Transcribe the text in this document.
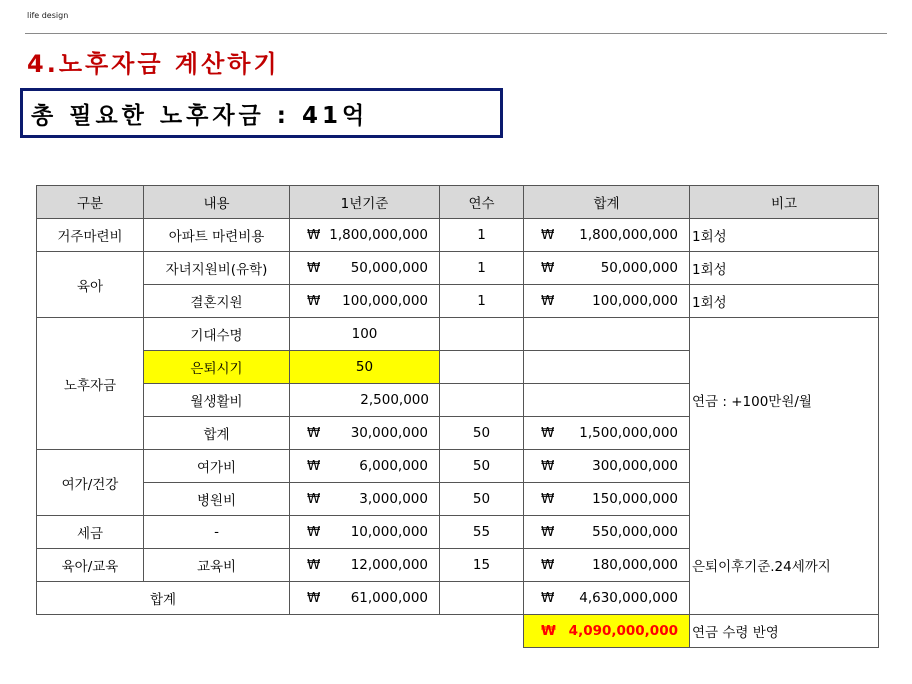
life design
4.노후자금 계산하기
총 필요한 노후자금 : 41억
구분	내용	1년기준	연수	합계	비고
거주마련비	아파트 마련비용	₩ 1,800,000,000	1	₩ 1,800,000,000	1회성
육아	자녀지원비(유학)	₩ 50,000,000	1	₩ 50,000,000	1회성
	결혼지원	₩ 100,000,000	1	₩ 100,000,000	1회성
노후자금	기대수명	100			
	은퇴시기	50			
	월생활비	2,500,000			연금 : +100만원/월
	합계	₩ 30,000,000	50	₩ 1,500,000,000	

여가/건강	여가비	₩ 6,000,000	50	₩ 300,000,000	

	병원비	₩ 3,000,000	50	₩ 150,000,000	

세금	-	₩ 10,000,000	55	₩ 550,000,000	

육아/교육	교육비	₩ 12,000,000	15	₩ 180,000,000	은퇴이후기준.24세까지
합계		₩ 61,000,000		₩ 4,630,000,000	

				₩ 4,090,000,000	연금 수령 반영
